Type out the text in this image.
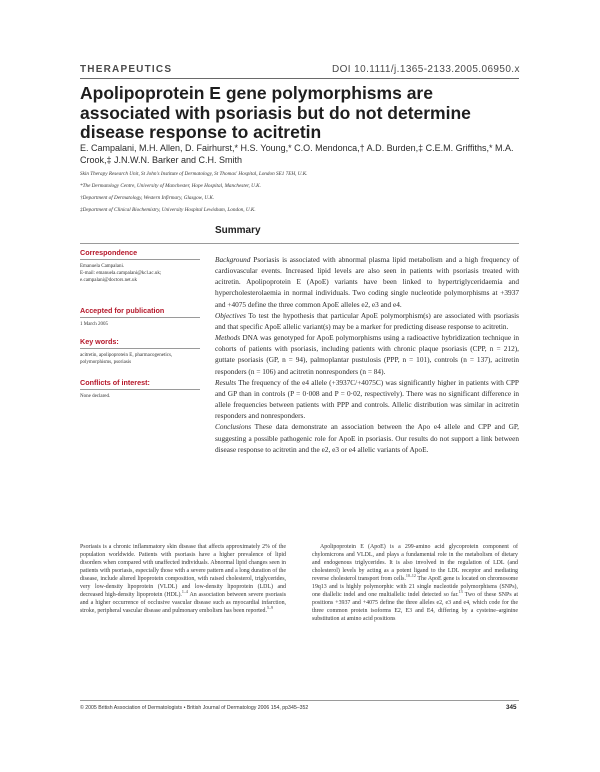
THERAPEUTICS	DOI 10.1111/j.1365-2133.2005.06950.x
Apolipoprotein E gene polymorphisms are associated with psoriasis but do not determine disease response to acitretin
E. Campalani, M.H. Allen, D. Fairhurst,* H.S. Young,* C.O. Mendonca,† A.D. Burden,‡ C.E.M. Griffiths,* M.A. Crook,‡ J.N.W.N. Barker and C.H. Smith
Skin Therapy Research Unit, St John's Institute of Dermatology, St Thomas' Hospital, London SE1 7EH, U.K.
*The Dermatology Centre, University of Manchester, Hope Hospital, Manchester, U.K.
†Department of Dermatology, Western Infirmary, Glasgow, U.K.
‡Department of Clinical Biochemistry, University Hospital Lewisham, London, U.K.
Summary
Correspondence

Emanuela Campalani.

E-mail: emanuela.campalani@kcl.ac.uk;

e.campalani@doctors.net.uk

Accepted for publication

1 March 2005

Key words:

acitretin, apolipoprotein E, pharmacogenetics, polymorphisms, psoriasis

Conflicts of interest:

None declared.

Background Psoriasis is associated with abnormal plasma lipid metabolism and a high frequency of cardiovascular events. Increased lipid levels are also seen in patients with psoriasis treated with acitretin. Apolipoprotein E (ApoE) variants have been linked to hypertriglyceridaemia and hypercholesterolaemia in normal individuals. Two coding single nucleotide polymorphisms at +3937 and +4075 define the three common ApoE alleles e2, e3 and e4.

Objectives To test the hypothesis that particular ApoE polymorphism(s) are associated with psoriasis and that specific ApoE allelic variant(s) may be a marker for predicting disease response to acitretin.

Methods DNA was genotyped for ApoE polymorphisms using a radioactive hybridization technique in cohorts of patients with psoriasis, including patients with chronic plaque psoriasis (CPP, n = 212), guttate psoriasis (GP, n = 94), palmoplantar pustulosis (PPP, n = 101), controls (n = 137), acitretin responders (n = 106) and acitretin nonresponders (n = 84).

Results The frequency of the e4 allele (+3937C/+4075C) was significantly higher in patients with CPP and GP than in controls (P = 0·008 and P = 0·02, respectively). There was no significant difference in allele frequencies between patients with PPP and controls. Allelic distribution was similar in acitretin responders and nonresponders.

Conclusions These data demonstrate an association between the Apo e4 allele and CPP and GP, suggesting a possible pathogenic role for ApoE in psoriasis. Our results do not support a link between disease response to acitretin and the e2, e3 or e4 allelic variants of ApoE.

Psoriasis is a chronic inflammatory skin disease that affects approximately 2% of the population worldwide. Patients with psoriasis have a higher prevalence of lipid disorders when compared with unaffected individuals. Abnormal lipid changes seen in patients with psoriasis, especially those with a severe pattern and a long duration of the disease, include altered lipoprotein composition, with raised cholesterol, triglycerides, very low-density lipoprotein (VLDL) and low-density lipoprotein (LDL) and decreased high-density lipoprotein (HDL).$^{1-4}$ An association between severe psoriasis and a higher occurrence of occlusive vascular disease such as myocardial infarction, stroke, peripheral vascular disease and pulmonary embolism has been reported.$^{5-9}$

Apolipoprotein E (ApoE) is a 299-amino acid glycoprotein component of chylomicrons and VLDL, and plays a fundamental role in the metabolism of dietary and endogenous triglycerides. It is also involved in the regulation of LDL (and cholesterol) levels by acting as a potent ligand to the LDL receptor and mediating reverse cholesterol transport from cells.$^{10-12}$ The ApoE gene is located on chromosome 19q13 and is highly polymorphic with 21 single nucleotide polymorphisms (SNPs), one diallelic indel and one multiallelic indel detected so far.$^{13}$ Two of these SNPs at positions +3937 and +4075 define the three alleles e2, e3 and e4, which code for the three common protein isoforms E2, E3 and E4, differing by a cysteine–arginine substitution at amino acid positions

© 2005 British Association of Dermatologists • British Journal of Dermatology 2006 154, pp345–352	345
